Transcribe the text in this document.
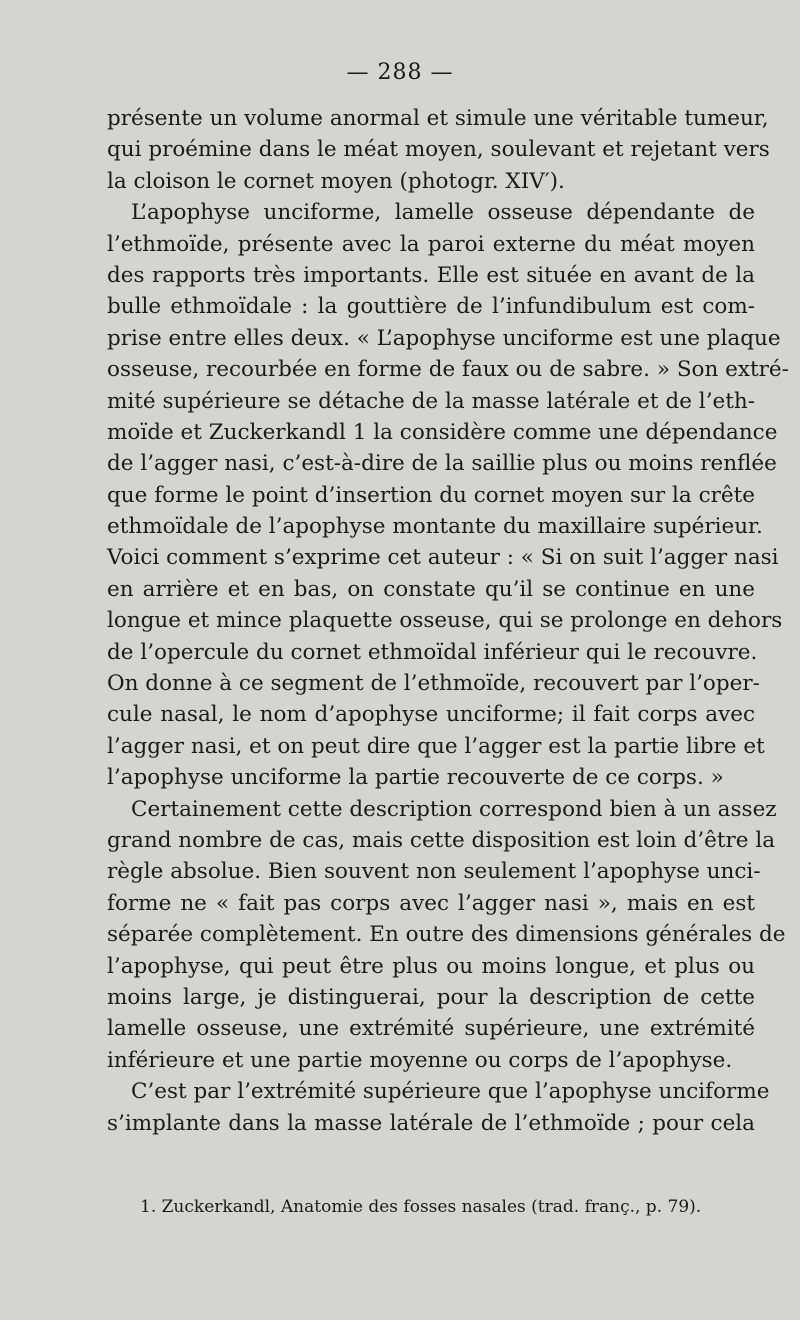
— 288 —
présente un volume anormal et simule une véritable tumeur,
qui proémine dans le méat moyen, soulevant et rejetant vers
la cloison le cornet moyen (photogr. XIV′).
L’apophyse unciforme, lamelle osseuse dépendante de
l’ethmoïde, présente avec la paroi externe du méat moyen
des rapports très importants. Elle est située en avant de la
bulle ethmoïdale : la gouttière de l’infundibulum est com-
prise entre elles deux. « L’apophyse unciforme est une plaque
osseuse, recourbée en forme de faux ou de sabre. » Son extré-
mité supérieure se détache de la masse latérale et de l’eth-
moïde et Zuckerkandl 1 la considère comme une dépendance
de l’agger nasi, c’est-à-dire de la saillie plus ou moins renflée
que forme le point d’insertion du cornet moyen sur la crête
ethmoïdale de l’apophyse montante du maxillaire supérieur.
Voici comment s’exprime cet auteur : « Si on suit l’agger nasi
en arrière et en bas, on constate qu’il se continue en une
longue et mince plaquette osseuse, qui se prolonge en dehors
de l’opercule du cornet ethmoïdal inférieur qui le recouvre.
On donne à ce segment de l’ethmoïde, recouvert par l’oper-
cule nasal, le nom d’apophyse unciforme; il fait corps avec
l’agger nasi, et on peut dire que l’agger est la partie libre et
l’apophyse unciforme la partie recouverte de ce corps. »
Certainement cette description correspond bien à un assez
grand nombre de cas, mais cette disposition est loin d’être la
règle absolue. Bien souvent non seulement l’apophyse unci-
forme ne « fait pas corps avec l’agger nasi », mais en est
séparée complètement. En outre des dimensions générales de
l’apophyse, qui peut être plus ou moins longue, et plus ou
moins large, je distinguerai, pour la description de cette
lamelle osseuse, une extrémité supérieure, une extrémité
inférieure et une partie moyenne ou corps de l’apophyse.
C’est par l’extrémité supérieure que l’apophyse unciforme
s’implante dans la masse latérale de l’ethmoïde ; pour cela
1. Zuckerkandl, Anatomie des fosses nasales (trad. franç., p. 79).
